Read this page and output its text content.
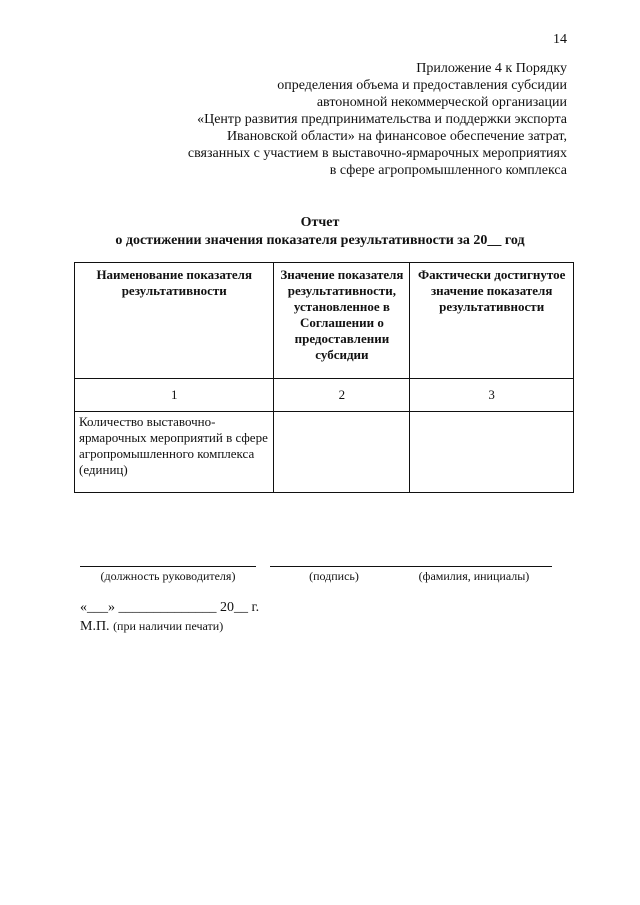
14
Приложение 4 к Порядку
определения объема и предоставления субсидии
автономной некоммерческой организации
«Центр развития предпринимательства и поддержки экспорта
Ивановской области» на финансовое обеспечение затрат,
связанных с участием в выставочно-ярмарочных мероприятиях
в сфере агропромышленного комплекса
Отчет
о достижении значения показателя результативности за 20__ год
Наименование показателя результативности	Значение показателя результативности, установленное в Соглашении о предоставлении субсидии	Фактически достигнутое значение показателя результативности
1	2	3
Количество выставочно-ярмарочных мероприятий в сфере агропромышленного комплекса (единиц)		
(должность руководителя)	(подпись)	(фамилия, инициалы)
«___» ______________ 20__ г.
М.П. (при наличии печати)
